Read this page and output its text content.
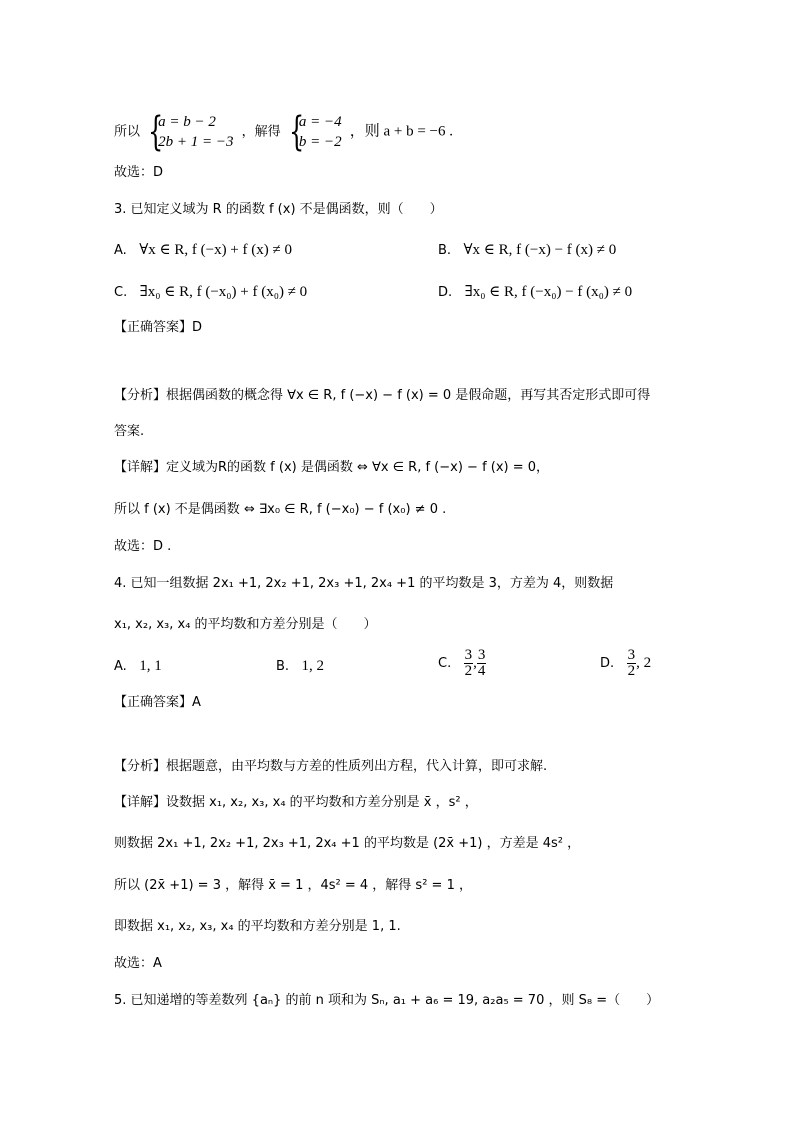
所以 {
a = b − 2
2b + 1 = −3
，解得 {
a = −4
b = −2
，则 a + b = −6 .
故选：D
3. 已知定义域为 R 的函数 f (x) 不是偶函数，则（　　）
A. ∀x ∈ R, f (−x) + f (x) ≠ 0	B. ∀x ∈ R, f (−x) − f (x) ≠ 0
C. ∃x₀ ∈ R, f (−x₀) + f (x₀) ≠ 0	D. ∃x₀ ∈ R, f (−x₀) − f (x₀) ≠ 0
【正确答案】D
【分析】根据偶函数的概念得 ∀x ∈ R, f (−x) − f (x) = 0 是假命题，再写其否定形式即可得
答案.
【详解】定义域为R的函数 f (x) 是偶函数 ⇔ ∀x ∈ R, f (−x) − f (x) = 0，
所以 f (x) 不是偶函数 ⇔ ∃x₀ ∈ R, f (−x₀) − f (x₀) ≠ 0 .
故选：D .
4. 已知一组数据 2x₁ +1, 2x₂ +1, 2x₃ +1, 2x₄ +1 的平均数是 3，方差为 4，则数据
x₁, x₂, x₃, x₄ 的平均数和方差分别是（　　）
A. 1, 1	B. 1, 2	C. $\frac{3}{2}$ , $\frac{3}{4}$	D. $\frac{3}{2}$ , 2
【正确答案】A
【分析】根据题意，由平均数与方差的性质列出方程，代入计算，即可求解.
【详解】设数据 x₁, x₂, x₃, x₄ 的平均数和方差分别是 x̄ ，s² ，
则数据 2x₁ +1, 2x₂ +1, 2x₃ +1, 2x₄ +1 的平均数是 (2x̄ +1) ，方差是 4s² ，
所以 (2x̄ +1) = 3 ，解得 x̄ = 1 ，4s² = 4 ，解得 s² = 1 ，
即数据 x₁, x₂, x₃, x₄ 的平均数和方差分别是 1, 1.
故选：A
5. 已知递增的等差数列 {aₙ} 的前 n 项和为 Sₙ, a₁ + a₆ = 19, a₂a₅ = 70 ，则 S₈ =（　　）
